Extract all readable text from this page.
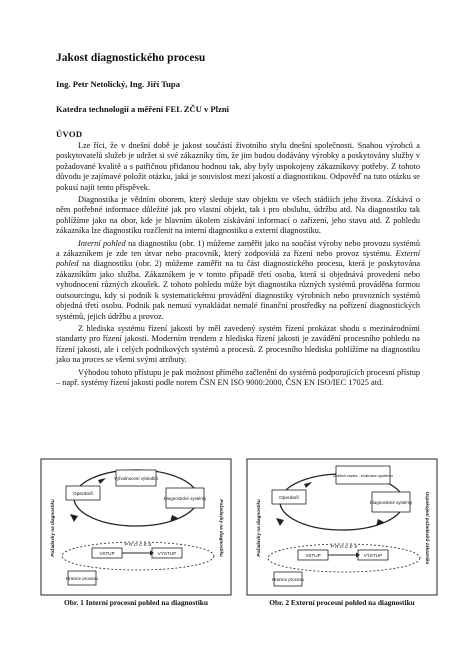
Jakost diagnostického procesu
Ing. Petr Netolický, Ing. Jiří Tupa
Katedra technologií a měření FEL ZČU v Plzni
ÚVOD

Lze říci, že v dnešní době je jakost součástí životního stylu dnešní společnosti. Snahou výrobců a poskytovatelů služeb je udržet si své zákazníky tím, že jim budou dodávány výrobky a poskytovány služby v požadované kvalitě a s patřičnou přidanou hodnou tak, aby byly uspokojeny zákazníkovy potřeby. Z tohoto důvodu je zajímavé položit otázku, jaká je souvislost mezi jakostí a diagnostikou. Odpověď na tuto otázku se pokusí najít tento příspěvek.

Diagnostika je vědním oborem, který sleduje stav objektu ve všech stádiích jeho života. Získává o něm potřebné informace důležité jak pro vlastní objekt, tak i pro obsluhu, údržbu atd. Na diagnostiku tak pohlížíme jako na obor, kde je hlavním úkolem získávání informací o zařízení, jeho stavu atd. Z pohledu zákazníka lze diagnostiku rozčlenit na interní diagnostiku a externí diagnostiku.

Interní pohled na diagnostiku (obr. 1) můžeme zaměřit jako na součást výroby nebo provozu systémů a zákazníkem je zde ten útvar nebo pracovník, který zodpovídá za řízení nebo provoz systému. Externí pohled na diagnostiku (obr. 2) můžeme zaměřit na tu část diagnostického procesu, která je poskytována zákazníkům jako služba. Zákazníkem je v tomto případě třetí osoba, která si objednává provedení nebo vyhodnocení různých zkoušek. Z tohoto pohledu může být diagnostika různých systémů prováděna formou outsourcingu, kdy si podnik k systematickému provádění diagnostiky výrobních nebo provozních systémů objedná třetí osobu. Podnik pak nemusí vynakládat nemalé finanční prostředky na pořízení diagnostických systémů, jejich údržbu a provoz.

Z hlediska systému řízení jakosti by měl zavedený systém řízení prokázat shodu s mezinárodními standarty pro řízení jakosti. Moderním trendem z hlediska řízení jakosti je zavádění procesního pohledu na řízení jakosti, ale i celých podnikových systémů a procesů. Z procesního hlediska pohlížíme na diagnostiku jako na proces se všemi svými atributy.

Výhodou tohoto přístupu je pak možnost přímého začlenění do systémů podporujících procesní přístup – např. systémy řízení jakosti podle norem ČSN EN ISO 9000:2000, ČSN EN ISO/IEC 17025 atd.

Požadavky na diagnostiku	Požadavky na diagnostiku
Operátoři
Vyhodnocení výsledků
Diagnostické systémy
P R O C E S
VSTUP	VÝSTUP
Hranice procesu
Obr. 1 Interní procesní pohled na diagnostiku
Požadavky na diagnostiku	Uspokojení požadavků zákazníka
Operátoři
Zpětná vazba - evaluace systému
Diagnostické systémy
P R O C E S
VSTUP	VÝSTUP
Hranice procesu
Obr. 2 Externí procesní pohled na diagnostiku
